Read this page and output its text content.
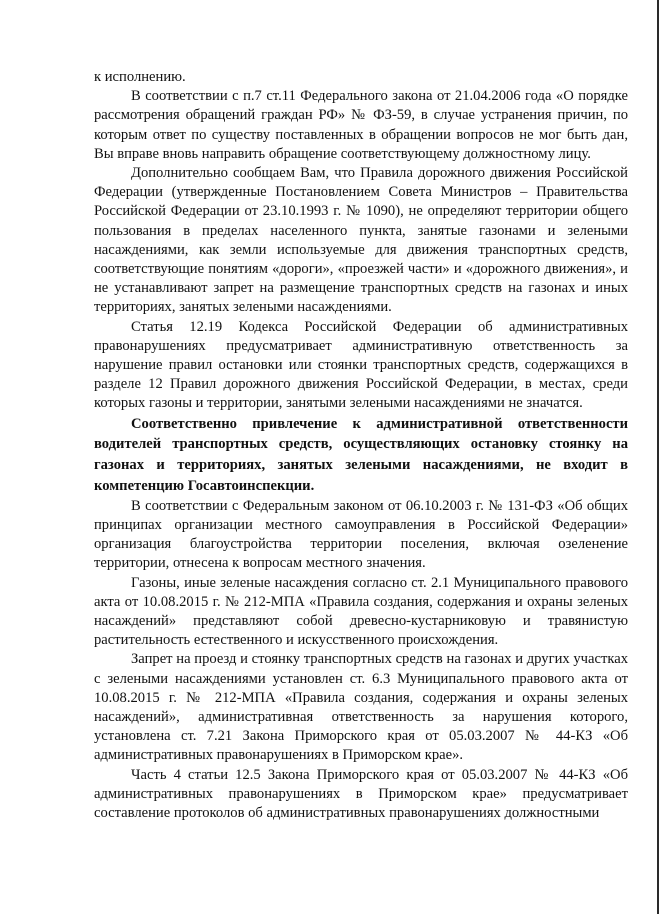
к исполнению.

В соответствии с п.7 ст.11 Федерального закона от 21.04.2006 года «О порядке рассмотрения обращений граждан РФ» № ФЗ-59, в случае устранения причин, по которым ответ по существу поставленных в обращении вопросов не мог быть дан, Вы вправе вновь направить обращение соответствующему должностному лицу.

Дополнительно сообщаем Вам, что Правила дорожного движения Российской Федерации (утвержденные Постановлением Совета Министров – Правительства Российской Федерации от 23.10.1993 г. № 1090), не определяют территории общего пользования в пределах населенного пункта, занятые газонами и зелеными насаждениями, как земли используемые для движения транспортных средств, соответствующие понятиям «дороги», «проезжей части» и «дорожного движения», и не устанавливают запрет на размещение транспортных средств на газонах и иных территориях, занятых зелеными насаждениями.

Статья 12.19 Кодекса Российской Федерации об административных правонарушениях предусматривает административную ответственность за нарушение правил остановки или стоянки транспортных средств, содержащихся в разделе 12 Правил дорожного движения Российской Федерации, в местах, среди которых газоны и территории, занятыми зелеными насаждениями не значатся.

Соответственно привлечение к административной ответственности водителей транспортных средств, осуществляющих остановку стоянку на газонах и территориях, занятых зелеными насаждениями, не входит в компетенцию Госавтоинспекции.

В соответствии с Федеральным законом от 06.10.2003 г. № 131-ФЗ «Об общих принципах организации местного самоуправления в Российской Федерации» организация благоустройства территории поселения, включая озеленение территории, отнесена к вопросам местного значения.

Газоны, иные зеленые насаждения согласно ст. 2.1 Муниципального правового акта от 10.08.2015 г. № 212-МПА «Правила создания, содержания и охраны зеленых насаждений» представляют собой древесно-кустарниковую и травянистую растительность естественного и искусственного происхождения.

Запрет на проезд и стоянку транспортных средств на газонах и других участках с зелеными насаждениями установлен ст. 6.3 Муниципального правового акта от 10.08.2015 г. № 212-МПА «Правила создания, содержания и охраны зеленых насаждений», административная ответственность за нарушения которого, установлена ст. 7.21 Закона Приморского края от 05.03.2007 № 44-КЗ «Об административных правонарушениях в Приморском крае».

Часть 4 статьи 12.5 Закона Приморского края от 05.03.2007 № 44-КЗ «Об административных правонарушениях в Приморском крае» предусматривает составление протоколов об административных правонарушениях должностными
